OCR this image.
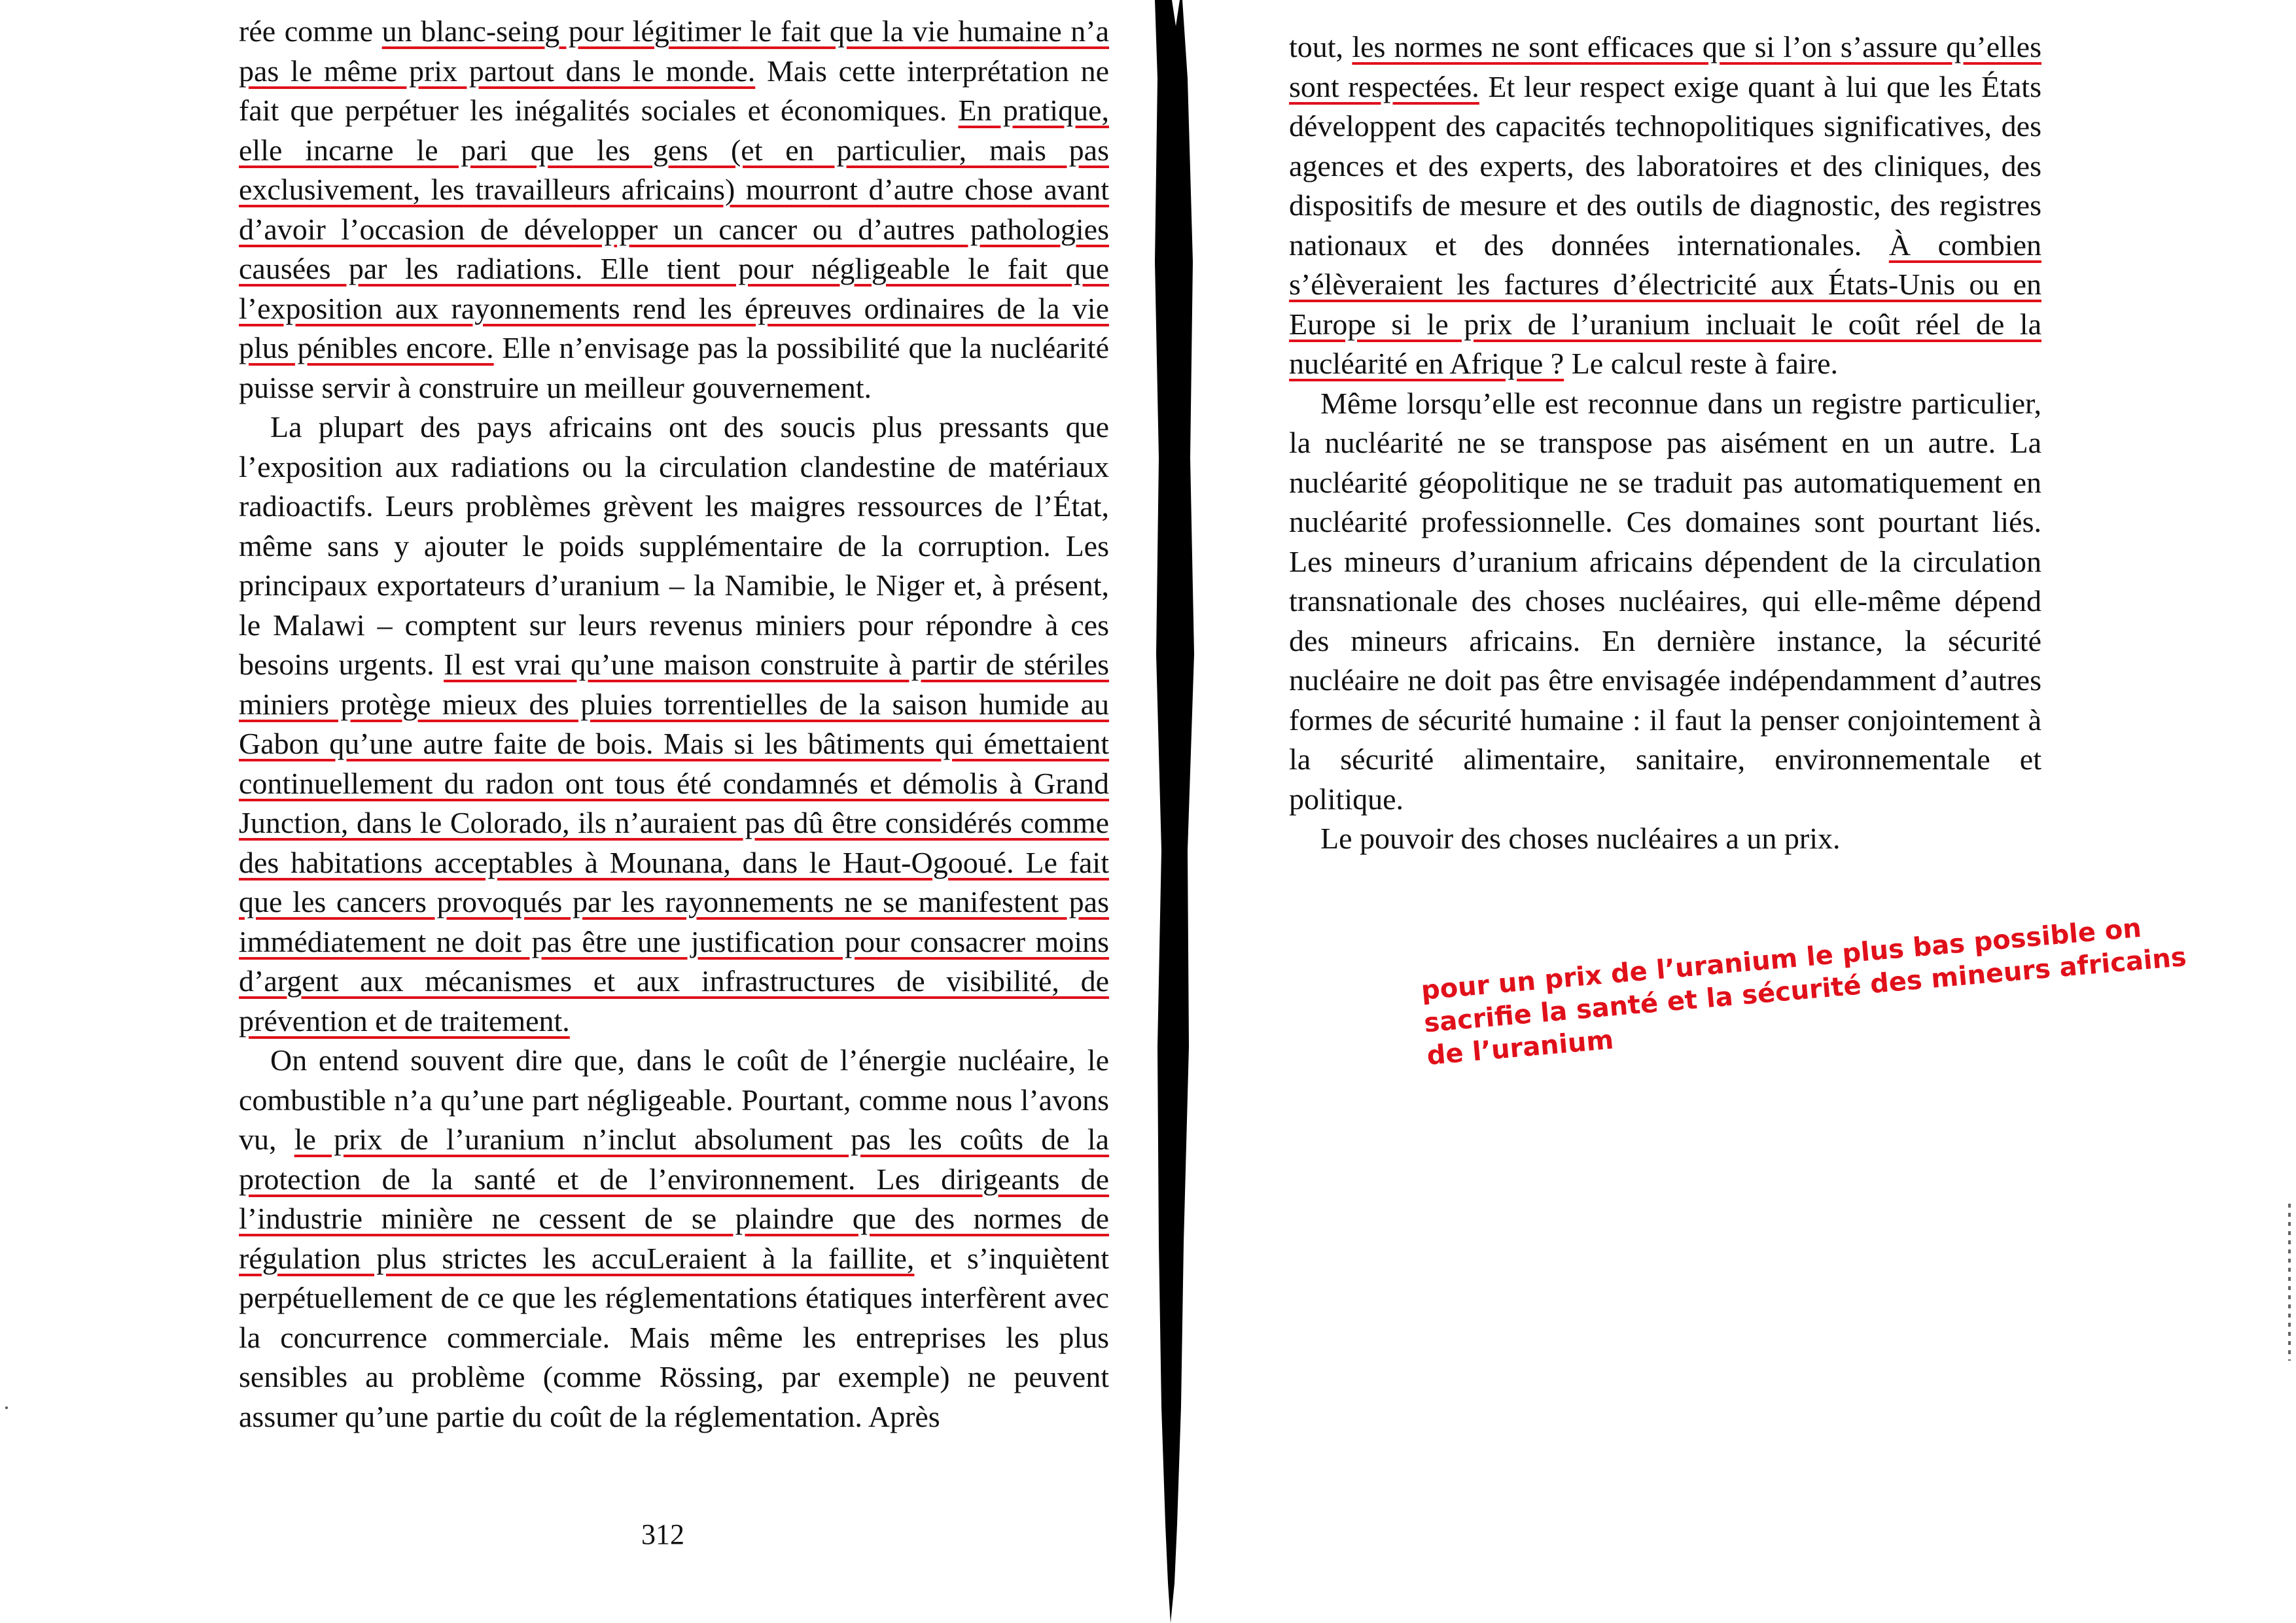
rée comme un blanc-seing pour légitimer le fait que la vie humaine n’a pas le même prix partout dans le monde. Mais cette interprétation ne fait que perpétuer les inégalités sociales et économiques. En pratique, elle incarne le pari que les gens (et en particulier, mais pas exclusivement, les travailleurs africains) mourront d’autre chose avant d’avoir l’occasion de développer un cancer ou d’autres pathologies causées par les radiations. Elle tient pour négligeable le fait que l’exposition aux rayonnements rend les épreuves ordinaires de la vie plus pénibles encore. Elle n’envisage pas la possibilité que la nucléarité puisse servir à construire un meilleur gouvernement.

La plupart des pays africains ont des soucis plus pressants que l’exposition aux radiations ou la circulation clandestine de matériaux radioactifs. Leurs problèmes grèvent les maigres ressources de l’État, même sans y ajouter le poids supplémentaire de la corruption. Les principaux exportateurs d’uranium – la Namibie, le Niger et, à présent, le Malawi – comptent sur leurs revenus miniers pour répondre à ces besoins urgents. Il est vrai qu’une maison construite à partir de stériles miniers protège mieux des pluies torrentielles de la saison humide au Gabon qu’une autre faite de bois. Mais si les bâtiments qui émettaient continuellement du radon ont tous été condamnés et démolis à Grand Junction, dans le Colorado, ils n’auraient pas dû être considérés comme des habitations acceptables à Mounana, dans le Haut-Ogooué. Le fait que les cancers provoqués par les rayonnements ne se manifestent pas immédiatement ne doit pas être une justification pour consacrer moins d’argent aux mécanismes et aux infrastructures de visibilité, de prévention et de traitement.

On entend souvent dire que, dans le coût de l’énergie nucléaire, le combustible n’a qu’une part négligeable. Pourtant, comme nous l’avons vu, le prix de l’uranium n’inclut absolument pas les coûts de la protection de la santé et de l’environnement. Les dirigeants de l’industrie minière ne cessent de se plaindre que des normes de régulation plus strictes les accuLeraient à la faillite, et s’inquiètent perpétuellement de ce que les réglementations étatiques interfèrent avec la concurrence commerciale. Mais même les entreprises les plus sensibles au problème (comme Rössing, par exemple) ne peuvent assumer qu’une partie du coût de la réglementation. Après

312

tout, les normes ne sont efficaces que si l’on s’assure qu’elles sont respectées. Et leur respect exige quant à lui que les États développent des capacités technopolitiques significatives, des agences et des experts, des laboratoires et des cliniques, des dispositifs de mesure et des outils de diagnostic, des registres nationaux et des données internationales. À combien s’élèveraient les factures d’électricité aux États-Unis ou en Europe si le prix de l’uranium incluait le coût réel de la nucléarité en Afrique ? Le calcul reste à faire.

Même lorsqu’elle est reconnue dans un registre particulier, la nucléarité ne se transpose pas aisément en un autre. La nucléarité géopolitique ne se traduit pas automatiquement en nucléarité professionnelle. Ces domaines sont pourtant liés. Les mineurs d’uranium africains dépendent de la circulation transnationale des choses nucléaires, qui elle-même dépend des mineurs africains. En dernière instance, la sécurité nucléaire ne doit pas être envisagée indépendamment d’autres formes de sécurité humaine : il faut la penser conjointement à la sécurité alimentaire, sanitaire, environnementale et politique.

Le pouvoir des choses nucléaires a un prix.

pour un prix de l’uranium le plus bas possible on sacrifie la santé et la sécurité des mineurs africains de l’uranium
